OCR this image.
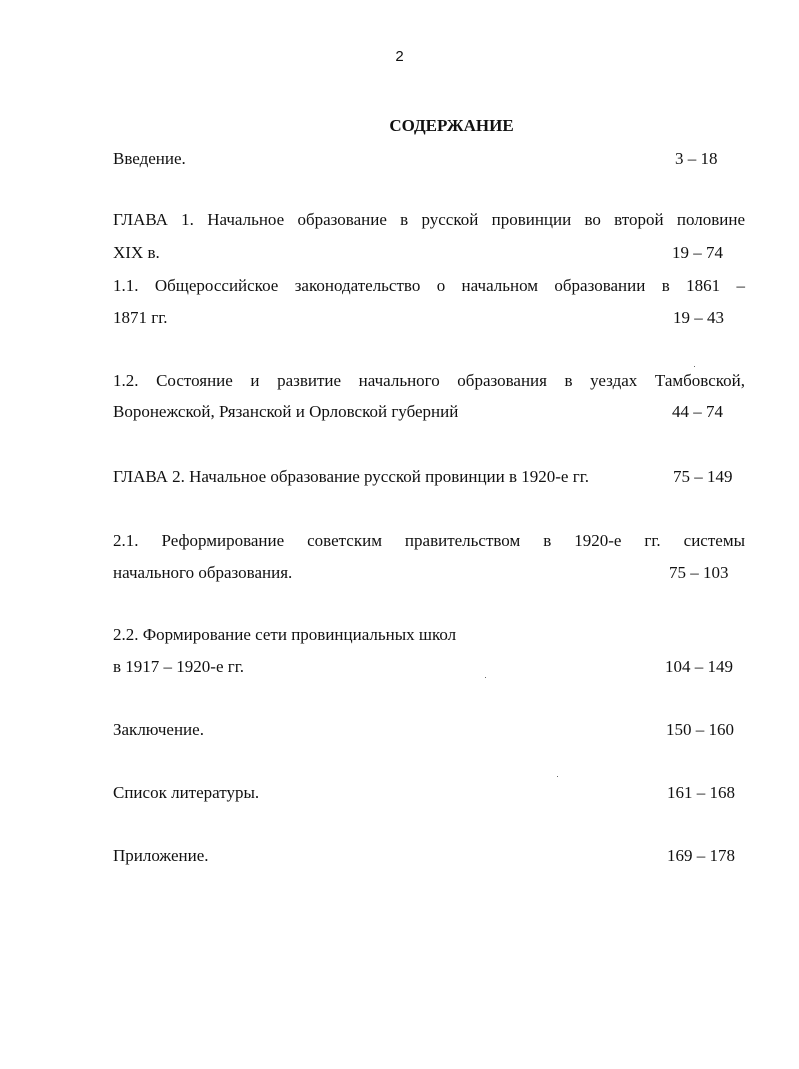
2
СОДЕРЖАНИЕ
Введение.	3 – 18
ГЛАВА 1. Начальное образование в русской провинции во второй половине
XIX в.	19 – 74
1.1. Общероссийское законодательство о начальном образовании в 1861 –
1871 гг.	19 – 43
1.2. Состояние и развитие начального образования в уездах Тамбовской,
Воронежской, Рязанской и Орловской губерний	44 – 74
ГЛАВА 2. Начальное образование русской провинции в 1920-е гг.	75 – 149
2.1. Реформирование советским правительством в 1920-е гг. системы
начального образования.	75 – 103
2.2. Формирование сети провинциальных школ
в 1917 – 1920-е гг.	104 – 149
Заключение.	150 – 160
Список литературы.	161 – 168
Приложение.	169 – 178
